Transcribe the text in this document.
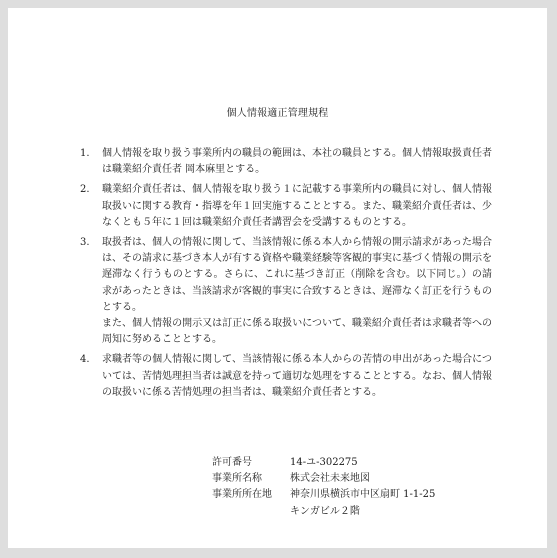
個人情報適正管理規程
1. 個人情報を取り扱う事業所内の職員の範囲は、本社の職員とする。個人情報取扱責任者は職業紹介責任者 岡本麻里とする。

2. 職業紹介責任者は、個人情報を取り扱う１に記載する事業所内の職員に対し、個人情報取扱いに関する教育・指導を年１回実施することとする。また、職業紹介責任者は、少なくとも５年に１回は職業紹介責任者講習会を受講するものとする。

3. 取扱者は、個人の情報に関して、当該情報に係る本人から情報の開示請求があった場合は、その請求に基づき本人が有する資格や職業経験等客観的事実に基づく情報の開示を遅滞なく行うものとする。さらに、これに基づき訂正（削除を含む。以下同じ。）の請求があったときは、当該請求が客観的事実に合致するときは、遅滞なく訂正を行うものとする。

また、個人情報の開示又は訂正に係る取扱いについて、職業紹介責任者は求職者等への周知に努めることとする。

4. 求職者等の個人情報に関して、当該情報に係る本人からの苦情の申出があった場合については、苦情処理担当者は誠意を持って適切な処理をすることとする。なお、個人情報の取扱いに係る苦情処理の担当者は、職業紹介責任者とする。

許可番号	14-ユ-302275
事業所名称	株式会社未来地図
事業所所在地	神奈川県横浜市中区扇町 1-1-25
キンガビル２階
